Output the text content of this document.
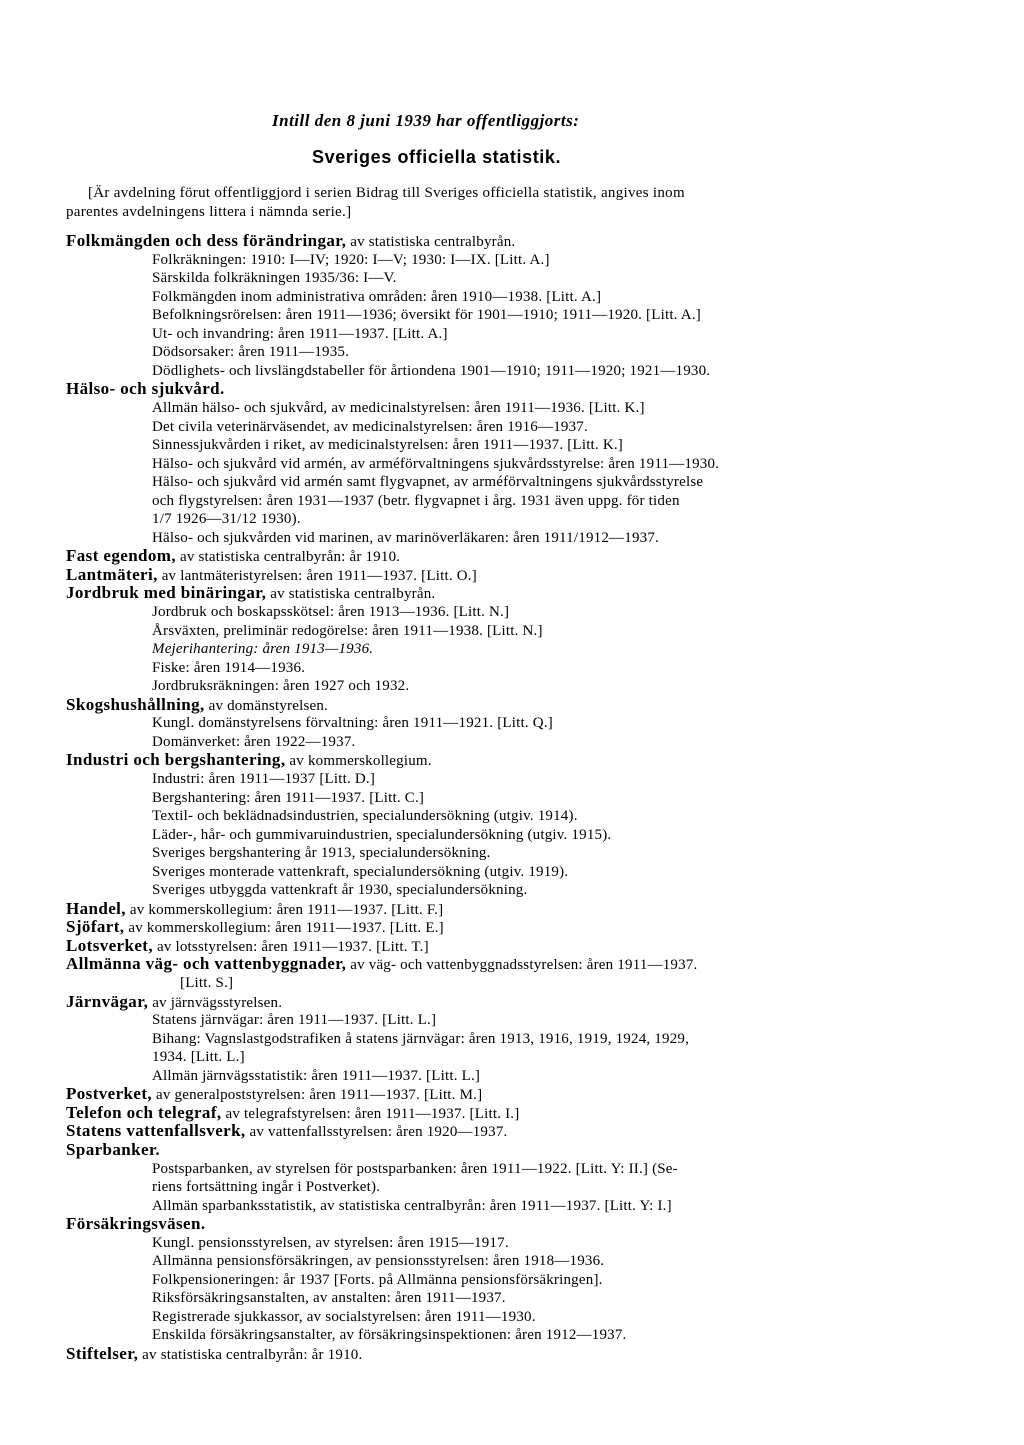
Intill den 8 juni 1939 har offentliggjorts:
Sveriges officiella statistik.
[Är avdelning förut offentliggjord i serien Bidrag till Sveriges officiella statistik, angives inom
parentes avdelningens littera i nämnda serie.]
Folkmängden och dess förändringar, av statistiska centralbyrån.
Folkräkningen: 1910: I—IV; 1920: I—V; 1930: I—IX. [Litt. A.]
Särskilda folkräkningen 1935/36: I—V.
Folkmängden inom administrativa områden: åren 1910—1938. [Litt. A.]
Befolkningsrörelsen: åren 1911—1936; översikt för 1901—1910; 1911—1920. [Litt. A.]
Ut- och invandring: åren 1911—1937. [Litt. A.]
Dödsorsaker: åren 1911—1935.
Dödlighets- och livslängdstabeller för årtiondena 1901—1910; 1911—1920; 1921—1930.
Hälso- och sjukvård.
Allmän hälso- och sjukvård, av medicinalstyrelsen: åren 1911—1936. [Litt. K.]
Det civila veterinärväsendet, av medicinalstyrelsen: åren 1916—1937.
Sinnessjukvården i riket, av medicinalstyrelsen: åren 1911—1937. [Litt. K.]
Hälso- och sjukvård vid armén, av arméförvaltningens sjukvårdsstyrelse: åren 1911—1930.
Hälso- och sjukvård vid armén samt flygvapnet, av arméförvaltningens sjukvårdsstyrelse
och flygstyrelsen: åren 1931—1937 (betr. flygvapnet i årg. 1931 även uppg. för tiden
1/7 1926—31/12 1930).
Hälso- och sjukvården vid marinen, av marinöverläkaren: åren 1911/1912—1937.
Fast egendom, av statistiska centralbyrån: år 1910.
Lantmäteri, av lantmäteristyrelsen: åren 1911—1937. [Litt. O.]
Jordbruk med binäringar, av statistiska centralbyrån.
Jordbruk och boskapsskötsel: åren 1913—1936. [Litt. N.]
Årsväxten, preliminär redogörelse: åren 1911—1938. [Litt. N.]
Mejerihantering: åren 1913—1936.
Fiske: åren 1914—1936.
Jordbruksräkningen: åren 1927 och 1932.
Skogshushållning, av domänstyrelsen.
Kungl. domänstyrelsens förvaltning: åren 1911—1921. [Litt. Q.]
Domänverket: åren 1922—1937.
Industri och bergshantering, av kommerskollegium.
Industri: åren 1911—1937 [Litt. D.]
Bergshantering: åren 1911—1937. [Litt. C.]
Textil- och beklädnadsindustrien, specialundersökning (utgiv. 1914).
Läder-, hår- och gummivaruindustrien, specialundersökning (utgiv. 1915).
Sveriges bergshantering år 1913, specialundersökning.
Sveriges monterade vattenkraft, specialundersökning (utgiv. 1919).
Sveriges utbyggda vattenkraft år 1930, specialundersökning.
Handel, av kommerskollegium: åren 1911—1937. [Litt. F.]
Sjöfart, av kommerskollegium: åren 1911—1937. [Litt. E.]
Lotsverket, av lotsstyrelsen: åren 1911—1937. [Litt. T.]
Allmänna väg- och vattenbyggnader, av väg- och vattenbyggnadsstyrelsen: åren 1911—1937.
[Litt. S.]
Järnvägar, av järnvägsstyrelsen.
Statens järnvägar: åren 1911—1937. [Litt. L.]
Bihang: Vagnslastgodstrafiken å statens järnvägar: åren 1913, 1916, 1919, 1924, 1929,
1934. [Litt. L.]
Allmän järnvägsstatistik: åren 1911—1937. [Litt. L.]
Postverket, av generalpoststyrelsen: åren 1911—1937. [Litt. M.]
Telefon och telegraf, av telegrafstyrelsen: åren 1911—1937. [Litt. I.]
Statens vattenfallsverk, av vattenfallsstyrelsen: åren 1920—1937.
Sparbanker.
Postsparbanken, av styrelsen för postsparbanken: åren 1911—1922. [Litt. Y: II.] (Se-
riens fortsättning ingår i Postverket).
Allmän sparbanksstatistik, av statistiska centralbyrån: åren 1911—1937. [Litt. Y: I.]
Försäkringsväsen.
Kungl. pensionsstyrelsen, av styrelsen: åren 1915—1917.
Allmänna pensionsförsäkringen, av pensionsstyrelsen: åren 1918—1936.
Folkpensioneringen: år 1937 [Forts. på Allmänna pensionsförsäkringen].
Riksförsäkringsanstalten, av anstalten: åren 1911—1937.
Registrerade sjukkassor, av socialstyrelsen: åren 1911—1930.
Enskilda försäkringsanstalter, av försäkringsinspektionen: åren 1912—1937.
Stiftelser, av statistiska centralbyrån: år 1910.
